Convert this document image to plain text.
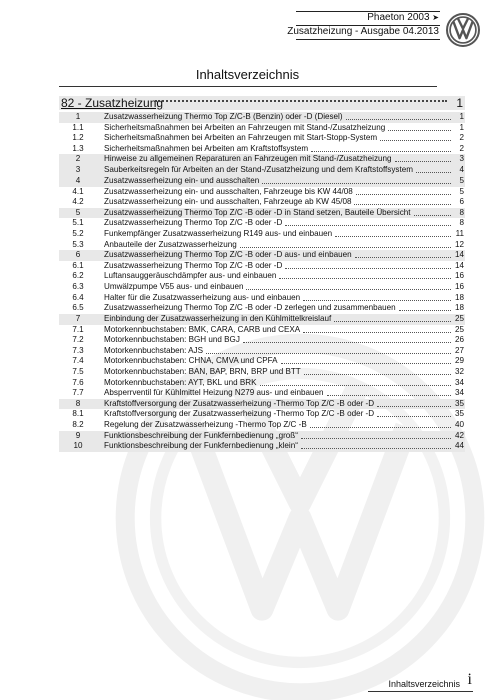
Phaeton 2003 ➤
Zusatzheizung - Ausgabe 04.2013
Inhaltsverzeichnis
82 - Zusatzheizung	1
1	Zusatzwasserheizung Thermo Top Z/C-B (Benzin) oder -D (Diesel)	1
1.1	Sicherheitsmaßnahmen bei Arbeiten an Fahrzeugen mit Stand-/Zusatzheizung	1
1.2	Sicherheitsmaßnahmen bei Arbeiten an Fahrzeugen mit Start-Stopp-System	2
1.3	Sicherheitsmaßnahmen bei Arbeiten am Kraftstoffsystem	2
2	Hinweise zu allgemeinen Reparaturen an Fahrzeugen mit Stand-/Zusatzheizung	3
3	Sauberkeitsregeln für Arbeiten an der Stand-/Zusatzheizung und dem Kraftstoffsystem	4
4	Zusatzwasserheizung ein- und ausschalten	5
4.1	Zusatzwasserheizung ein- und ausschalten, Fahrzeuge bis KW 44/08	5
4.2	Zusatzwasserheizung ein- und ausschalten, Fahrzeuge ab KW 45/08	6
5	Zusatzwasserheizung Thermo Top Z/C -B oder -D in Stand setzen, Bauteile Übersicht	8
5.1	Zusatzwasserheizung Thermo Top Z/C -B oder -D	8
5.2	Funkempfänger Zusatzwasserheizung R149 aus- und einbauen	11
5.3	Anbauteile der Zusatzwasserheizung	12
6	Zusatzwasserheizung Thermo Top Z/C -B oder -D aus- und einbauen	14
6.1	Zusatzwasserheizung Thermo Top Z/C -B oder -D	14
6.2	Luftansauggeräuschdämpfer aus- und einbauen	16
6.3	Umwälzpumpe V55 aus- und einbauen	16
6.4	Halter für die Zusatzwasserheizung aus- und einbauen	18
6.5	Zusatzwasserheizung Thermo Top Z/C -B oder -D zerlegen und zusammenbauen	18
7	Einbindung der Zusatzwasserheizung in den Kühlmittelkreislauf	25
7.1	Motorkennbuchstaben: BMK, CARA, CARB und CEXA	25
7.2	Motorkennbuchstaben: BGH und BGJ	26
7.3	Motorkennbuchstaben: AJS	27
7.4	Motorkennbuchstaben: CHNA, CMVA und CPFA	29
7.5	Motorkennbuchstaben: BAN, BAP, BRN, BRP und BTT	32
7.6	Motorkennbuchstaben: AYT, BKL und BRK	34
7.7	Absperrventil für Kühlmittel Heizung N279 aus- und einbauen	34
8	Kraftstoffversorgung der Zusatzwasserheizung -Thermo Top Z/C -B oder -D	35
8.1	Kraftstoffversorgung der Zusatzwasserheizung -Thermo Top Z/C -B oder -D	35
8.2	Regelung der Zusatzwasserheizung -Thermo Top Z/C -B	40
9	Funktionsbeschreibung der Funkfernbedienung „groß“	42
10	Funktionsbeschreibung der Funkfernbedienung „klein“	44
Inhaltsverzeichnis i
